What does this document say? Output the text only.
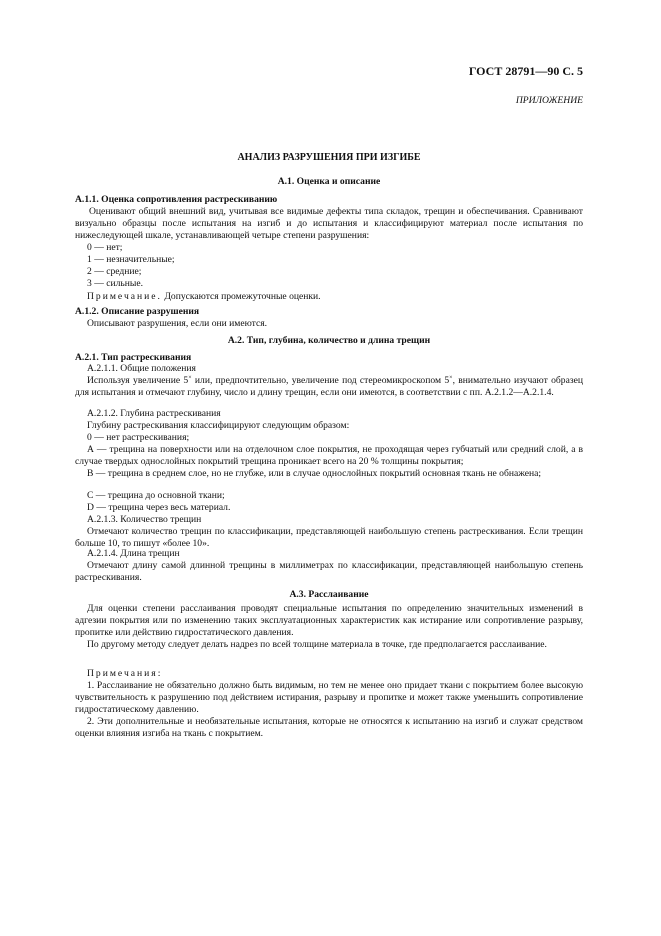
ГОСТ 28791—90 С. 5
ПРИЛОЖЕНИЕ
АНАЛИЗ РАЗРУШЕНИЯ ПРИ ИЗГИБЕ
А.1. Оценка и описание
А.1.1. Оценка сопротивления растрескиванию

Оценивают общий внешний вид, учитывая все видимые дефекты типа складок, трещин и обеспечивания. Сравнивают визуально образцы после испытания на изгиб и до испытания и классифицируют материал после испытания по нижеследующей шкале, устанавливающей четыре степени разрушения:

0 — нет;
1 — незначительные;
2 — средние;
3 — сильные.

Примечание. Допускаются промежуточные оценки.

А.1.2. Описание разрушения

Описывают разрушения, если они имеются.

А.2. Тип, глубина, количество и длина трещин
А.2.1. Тип растрескивания

А.2.1.1. Общие положения

Используя увеличение 5× или, предпочтительно, увеличение под стереомикроскопом 5×, внимательно изучают образец для испытания и отмечают глубину, число и длину трещин, если они имеются, в соответствии с пп. А.2.1.2—А.2.1.4.

А.2.1.2. Глубина растрескивания

Глубину растрескивания классифицируют следующим образом:

0 — нет растрескивания;

А — трещина на поверхности или на отделочном слое покрытия, не проходящая через губчатый или средний слой, а в случае твердых однослойных покрытий трещина проникает всего на 20 % толщины покрытия;

В — трещина в среднем слое, но не глубже, или в случае однослойных покрытий основная ткань не обнажена;

С — трещина до основной ткани;

D — трещина через весь материал.

А.2.1.3. Количество трещин

Отмечают количество трещин по классификации, представляющей наибольшую степень растрескивания. Если трещин больше 10, то пишут «более 10».

А.2.1.4. Длина трещин

Отмечают длину самой длинной трещины в миллиметрах по классификации, представляющей наибольшую степень растрескивания.

А.3. Расслаивание

Для оценки степени расслаивания проводят специальные испытания по определению значительных изменений в адгезии покрытия или по изменению таких эксплуатационных характеристик как истирание или сопротивление разрыву, пропитке или действию гидростатического давления.

По другому методу следует делать надрез по всей толщине материала в точке, где предполагается расслаивание.

Примечания:

1. Расслаивание не обязательно должно быть видимым, но тем не менее оно придает ткани с покрытием более высокую чувствительность к разрушению под действием истирания, разрыву и пропитке и может также уменьшить сопротивление гидростатическому давлению.

2. Эти дополнительные и необязательные испытания, которые не относятся к испытанию на изгиб и служат средством оценки влияния изгиба на ткань с покрытием.
